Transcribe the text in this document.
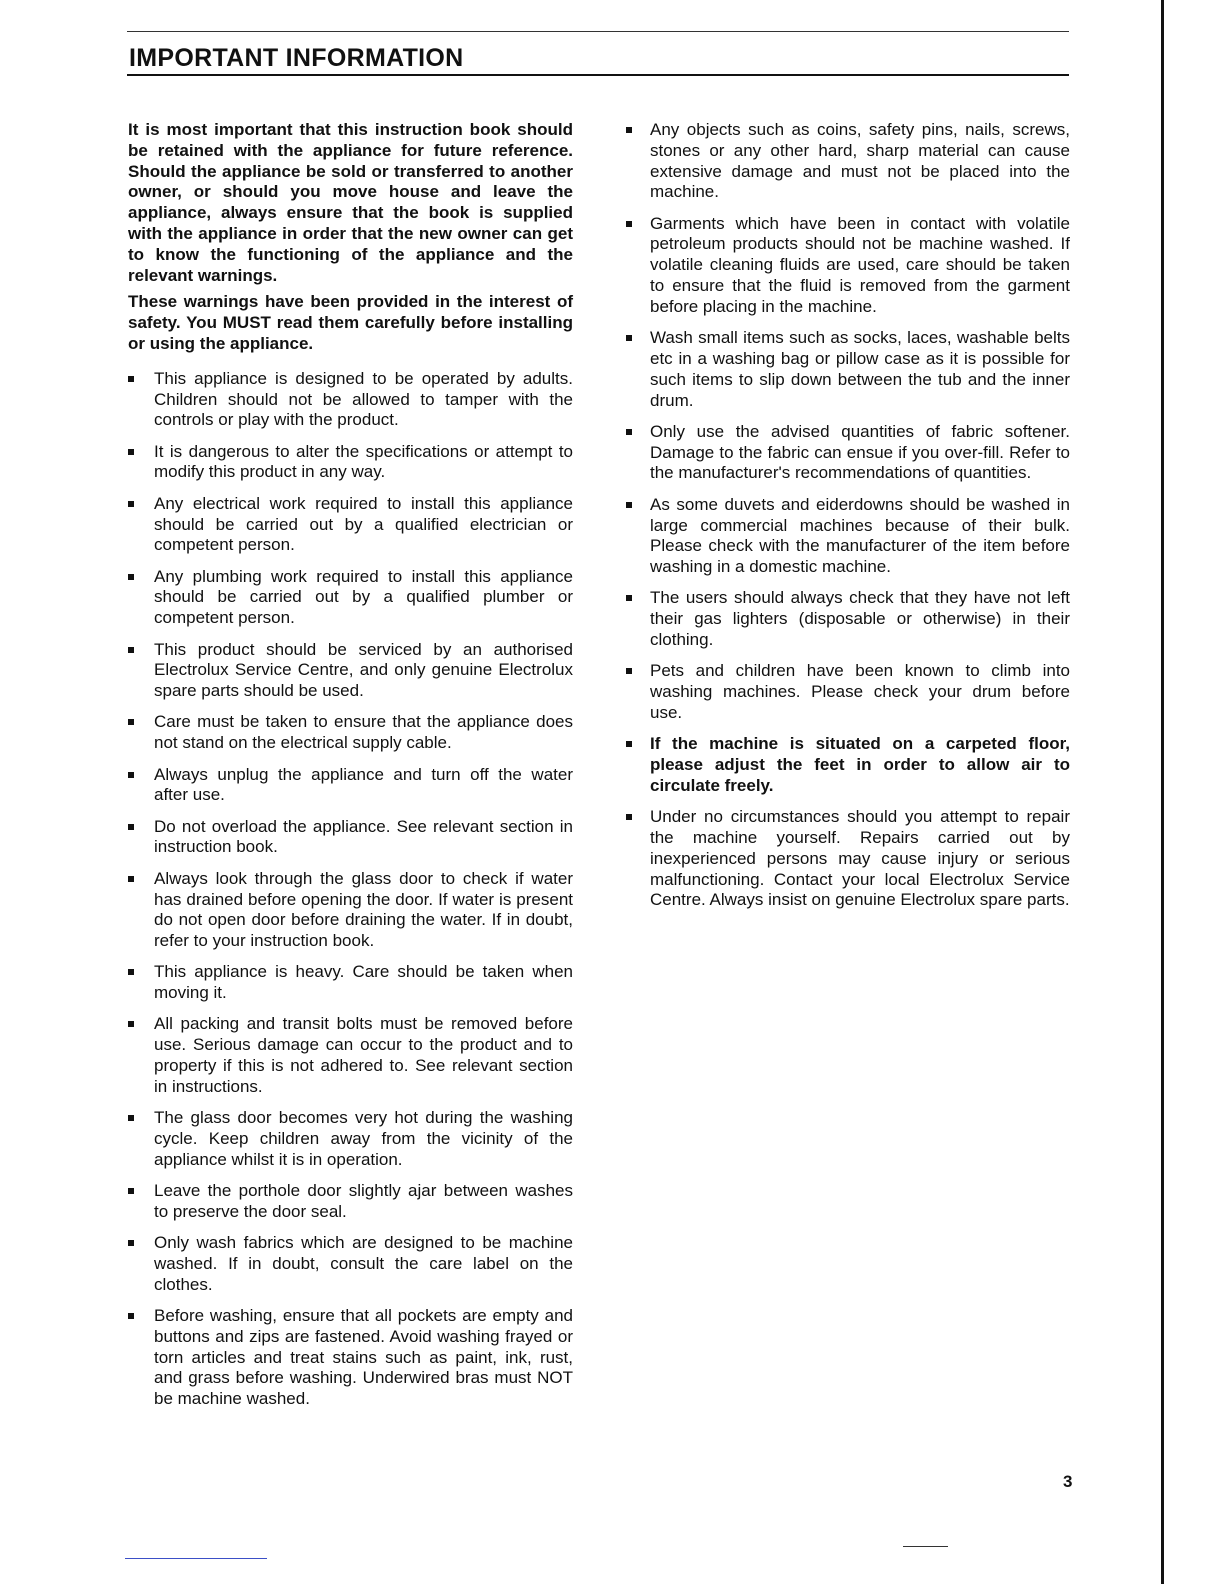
IMPORTANT INFORMATION

It is most important that this instruction book should be retained with the appliance for future reference. Should the appliance be sold or transferred to another owner, or should you move house and leave the appliance, always ensure that the book is supplied with the appliance in order that the new owner can get to know the functioning of the appliance and the relevant warnings.

These warnings have been provided in the interest of safety. You MUST read them carefully before installing or using the appliance.

This appliance is designed to be operated by adults. Children should not be allowed to tamper with the controls or play with the product.
It is dangerous to alter the specifications or attempt to modify this product in any way.
Any electrical work required to install this appliance should be carried out by a qualified electrician or competent person.
Any plumbing work required to install this appliance should be carried out by a qualified plumber or competent person.
This product should be serviced by an authorised Electrolux Service Centre, and only genuine Electrolux spare parts should be used.
Care must be taken to ensure that the appliance does not stand on the electrical supply cable.
Always unplug the appliance and turn off the water after use.
Do not overload the appliance. See relevant section in instruction book.
Always look through the glass door to check if water has drained before opening the door. If water is present do not open door before draining the water. If in doubt, refer to your instruction book.
This appliance is heavy. Care should be taken when moving it.
All packing and transit bolts must be removed before use. Serious damage can occur to the product and to property if this is not adhered to. See relevant section in instructions.
The glass door becomes very hot during the washing cycle. Keep children away from the vicinity of the appliance whilst it is in operation.
Leave the porthole door slightly ajar between washes to preserve the door seal.
Only wash fabrics which are designed to be machine washed. If in doubt, consult the care label on the clothes.
Before washing, ensure that all pockets are empty and buttons and zips are fastened. Avoid washing frayed or torn articles and treat stains such as paint, ink, rust, and grass before washing. Underwired bras must NOT be machine washed.
Any objects such as coins, safety pins, nails, screws, stones or any other hard, sharp material can cause extensive damage and must not be placed into the machine.
Garments which have been in contact with volatile petroleum products should not be machine washed. If volatile cleaning fluids are used, care should be taken to ensure that the fluid is removed from the garment before placing in the machine.
Wash small items such as socks, laces, washable belts etc in a washing bag or pillow case as it is possible for such items to slip down between the tub and the inner drum.
Only use the advised quantities of fabric softener. Damage to the fabric can ensue if you over-fill. Refer to the manufacturer's recommendations of quantities.
As some duvets and eiderdowns should be washed in large commercial machines because of their bulk. Please check with the manufacturer of the item before washing in a domestic machine.
The users should always check that they have not left their gas lighters (disposable or otherwise) in their clothing.
Pets and children have been known to climb into washing machines. Please check your drum before use.
If the machine is situated on a carpeted floor, please adjust the feet in order to allow air to circulate freely.
Under no circumstances should you attempt to repair the machine yourself. Repairs carried out by inexperienced persons may cause injury or serious malfunctioning. Contact your local Electrolux Service Centre. Always insist on genuine Electrolux spare parts.
3
